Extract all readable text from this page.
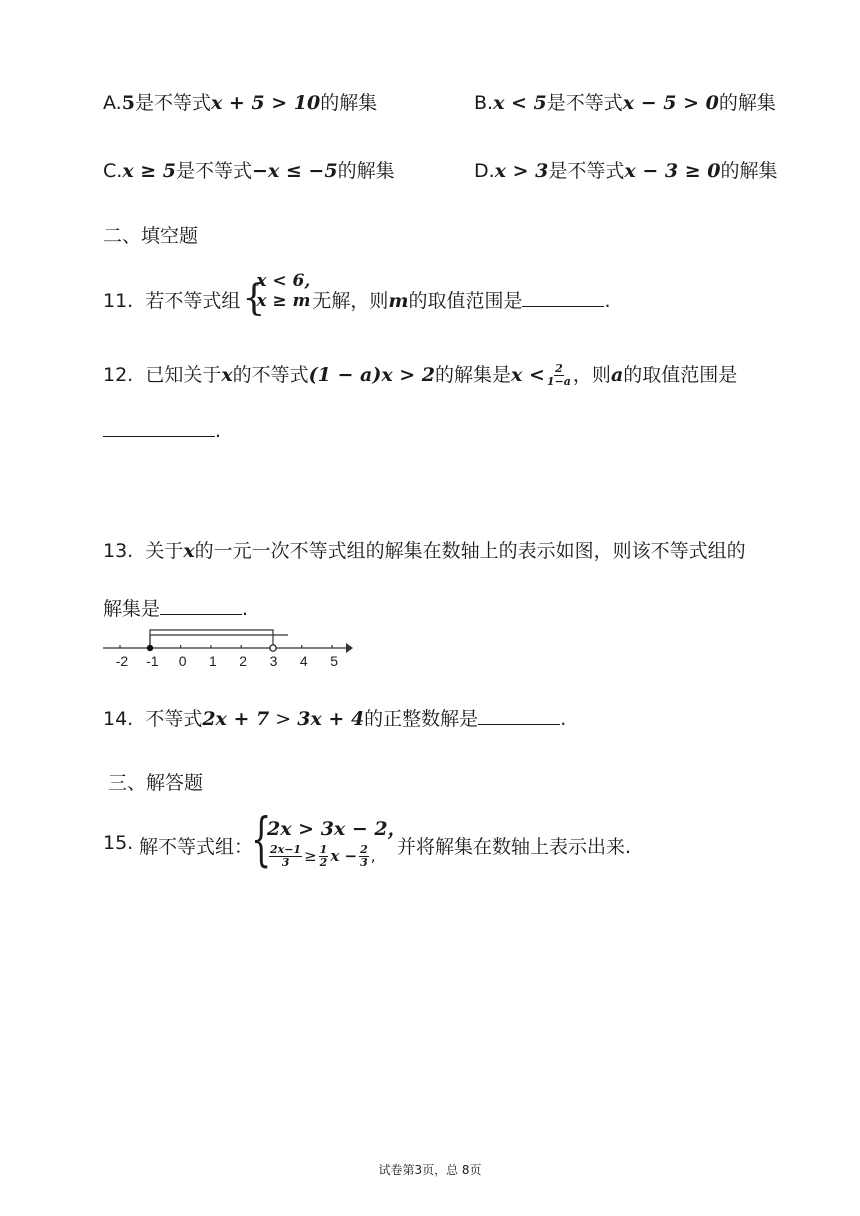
A.5是不等式x + 5 > 10的解集	B.x < 5是不等式x − 5 > 0的解集
C.x ≥ 5是不等式−x ≤ −5的解集	D.x > 3是不等式x − 3 ≥ 0的解集
二、填空题
11. 若不等式组 {
x < 6,
x ≥ m 无解，则m的取值范围是	.
12. 已知关于x的不等式(1 − a)x > 2的解集是$x < \frac{2}{1-a}$ ，则a的取值范围是
.
13. 关于x的一元一次不等式组的解集在数轴上的表示如图，则该不等式组的
解集是	.
-2 -1 0 1 2 3 4 5
14. 不等式2x + 7 > 3x + 4的正整数解是	.
三、解答题
15. 解不等式组：
{
2x > 3x − 2，
$\frac{2x-1}{3} \ge \frac{1}{2}$ $x - \frac{2}{3}$ , 并将解集在数轴上表示出来.
试卷第3页，总 8页
